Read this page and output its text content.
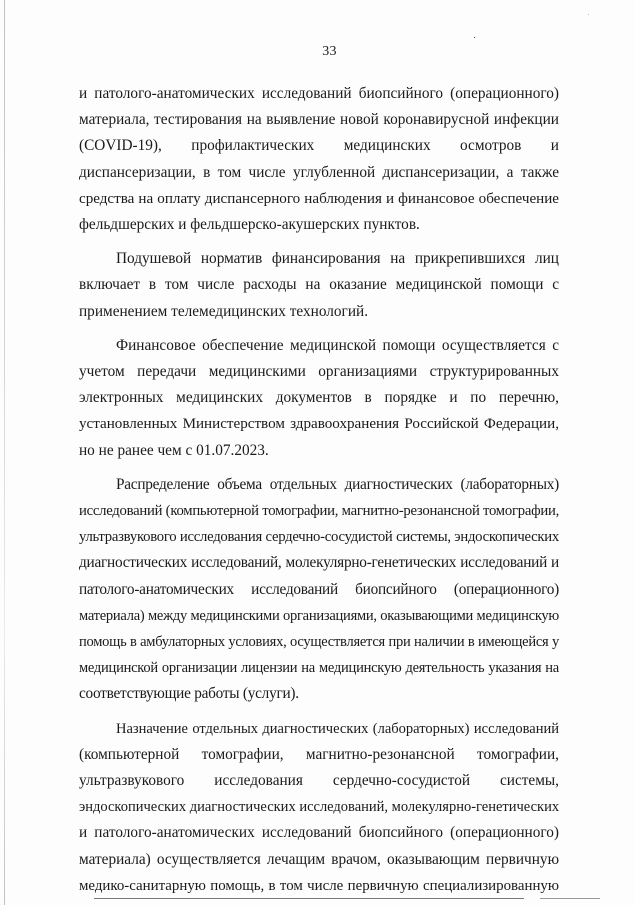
33
и патолого-анатомических исследований биопсийного (операционного)
материала, тестирования на выявление новой коронавирусной инфекции
(COVID-19), профилактических медицинских осмотров и
диспансеризации, в том числе углубленной диспансеризации, а также
средства на оплату диспансерного наблюдения и финансовое обеспечение
фельдшерских и фельдшерско-акушерских пунктов.
Подушевой норматив финансирования на прикрепившихся лиц
включает в том числе расходы на оказание медицинской помощи с
применением телемедицинских технологий.
Финансовое обеспечение медицинской помощи осуществляется с
учетом передачи медицинскими организациями структурированных
электронных медицинских документов в порядке и по перечню,
установленных Министерством здравоохранения Российской Федерации,
но не ранее чем с 01.07.2023.
Распределение объема отдельных диагностических (лабораторных)
исследований (компьютерной томографии, магнитно-резонансной томографии,
ультразвукового исследования сердечно-сосудистой системы, эндоскопических
диагностических исследований, молекулярно-генетических исследований и
патолого-анатомических исследований биопсийного (операционного)
материала) между медицинскими организациями, оказывающими медицинскую
помощь в амбулаторных условиях, осуществляется при наличии в имеющейся у
медицинской организации лицензии на медицинскую деятельность указания на
соответствующие работы (услуги).
Назначение отдельных диагностических (лабораторных) исследований
(компьютерной томографии, магнитно-резонансной томографии,
ультразвукового исследования сердечно-сосудистой системы,
эндоскопических диагностических исследований, молекулярно-генетических
и патолого-анатомических исследований биопсийного (операционного)
материала) осуществляется лечащим врачом, оказывающим первичную
медико-санитарную помощь, в том числе первичную специализированную
